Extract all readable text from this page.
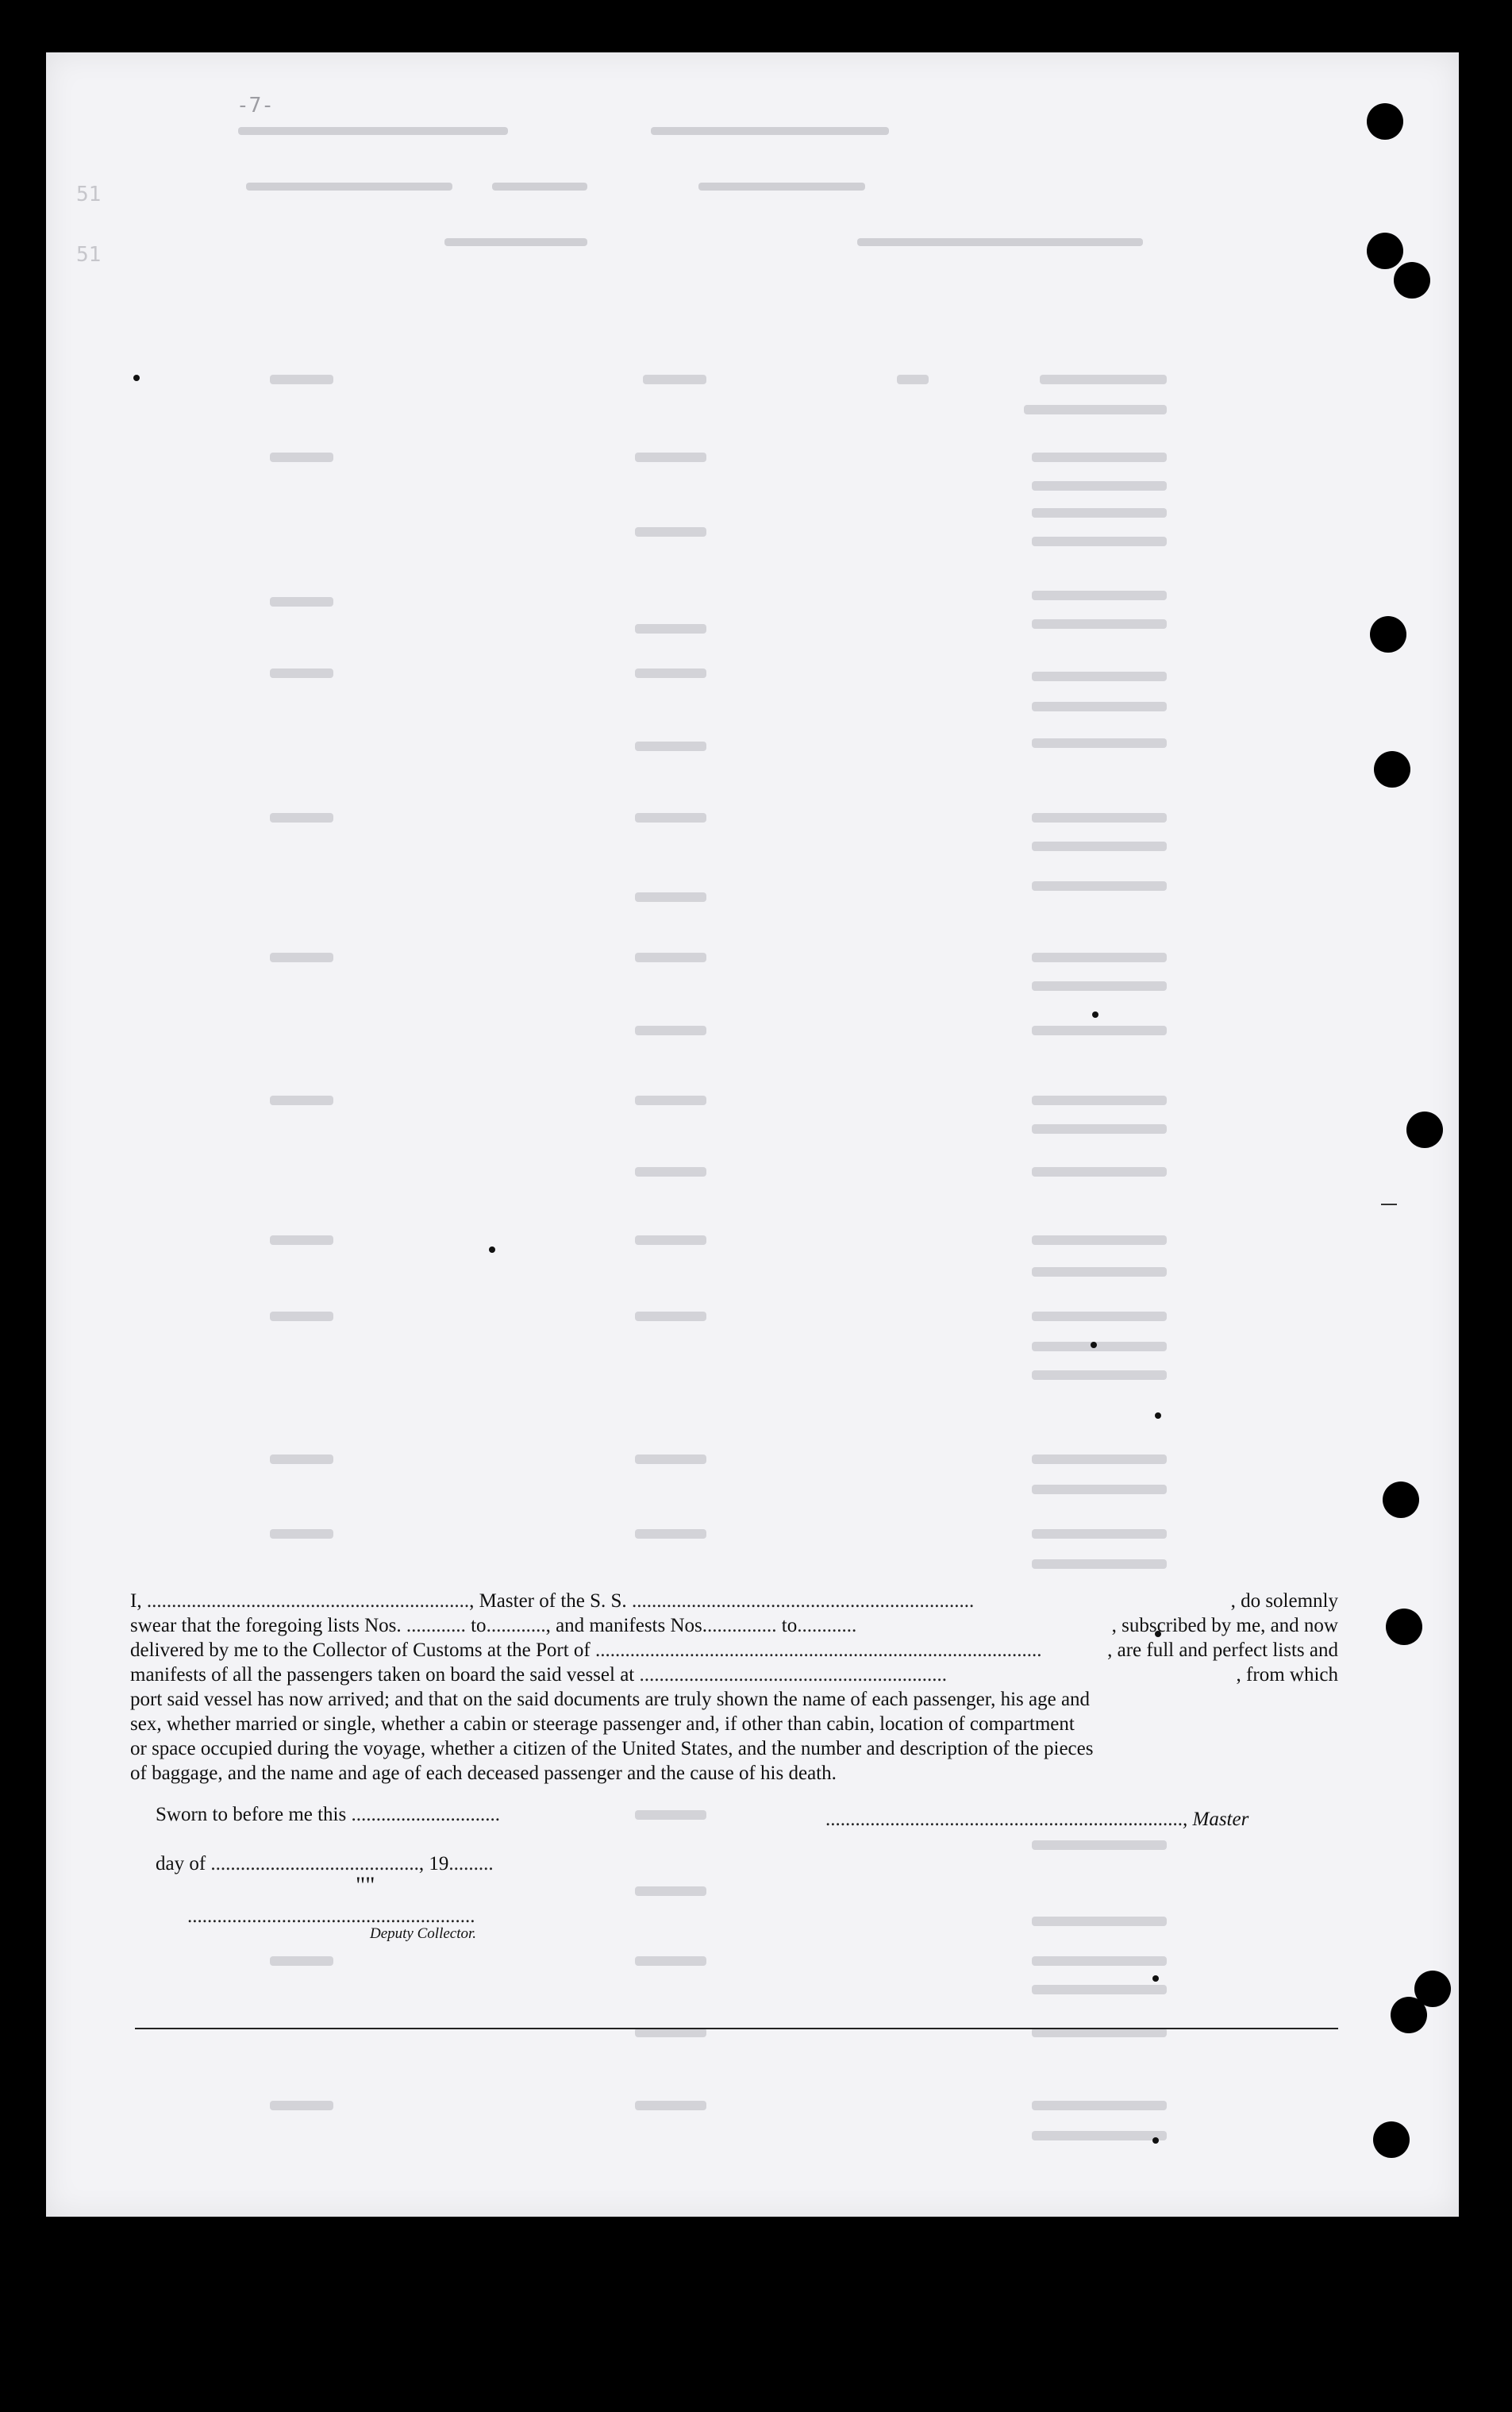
-7-
51
51
I, ................................................................., Master of the S. S. .....................................................................	, do solemnly
swear that the foregoing lists Nos. ............ to............, and manifests Nos............... to............	, subscribed by me, and now
delivered by me to the Collector of Customs at the Port of ..........................................................................................	, are full and perfect lists and
manifests of all the passengers taken on board the said vessel at ..............................................................	, from which

port said vessel has now arrived; and that on the said documents are truly shown the name of each passenger, his age and

sex, whether married or single, whether a cabin or steerage passenger and, if other than cabin, location of compartment

or space occupied during the voyage, whether a citizen of the United States, and the number and description of the pieces

of baggage, and the name and age of each deceased passenger and the cause of his death.

Sworn to before me this ..............................	........................................................................, Master
day of .........................................., 19.........
""
..........................................................
Deputy Collector.
